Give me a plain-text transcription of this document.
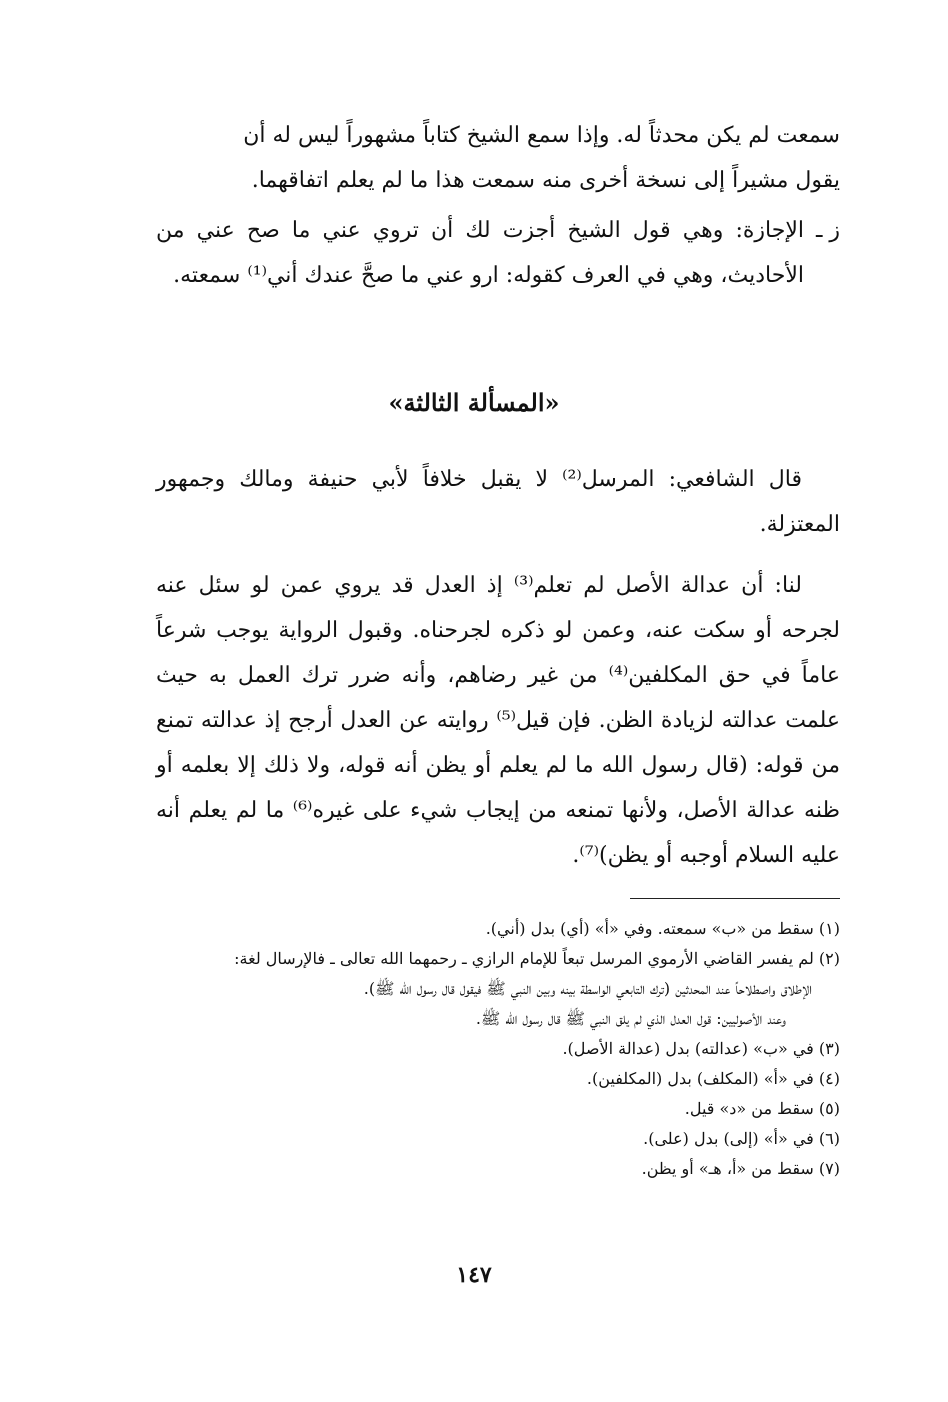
سمعت لم يكن محدثاً له. وإذا سمع الشيخ كتاباً مشهوراً ليس له أن
يقول مشيراً إلى نسخة أخرى منه سمعت هذا ما لم يعلم اتفاقهما.
ز ـ
الإجازة: وهي قول الشيخ أجزت لك أن تروي عني ما صح عني من الأحاديث، وهي في العرف كقوله: ارو عني ما صحَّ عندك أني⁽¹⁾ سمعته.
«المسألة الثالثة»
قال الشافعي: المرسل⁽²⁾ لا يقبل خلافاً لأبي حنيفة ومالك وجمهور المعتزلة.
لنا: أن عدالة الأصل لم تعلم⁽³⁾ إذ العدل قد يروي عمن لو سئل عنه لجرحه أو سكت عنه، وعمن لو ذكره لجرحناه. وقبول الرواية يوجب شرعاً عاماً في حق المكلفين⁽⁴⁾ من غير رضاهم، وأنه ضرر ترك العمل به حيث علمت عدالته لزيادة الظن. فإن قيل⁽⁵⁾ روايته عن العدل أرجح إذ عدالته تمنع من قوله: (قال رسول الله ما لم يعلم أو يظن أنه قوله، ولا ذلك إلا بعلمه أو ظنه عدالة الأصل، ولأنها تمنعه من إيجاب شيء على غيره⁽⁶⁾ ما لم يعلم أنه عليه السلام أوجبه أو يظن)⁽⁷⁾.
(١) سقط من «ب» سمعته. وفي «أ» (أي) بدل (أني).
(٢) لم يفسر القاضي الأرموي المرسل تبعاً للإمام الرازي ـ رحمهما الله تعالى ـ فالإرسال لغة:
الإطلاق واصطلاحاً عند المحدثين (ترك التابعي الواسطة بينه وبين النبي ﷺ فيقول قال رسول الله ﷺ).
وعند الأصوليين: قول العدل الذي لم يلق النبي ﷺ قال رسول الله ﷺ.
(٣) في «ب» (عدالته) بدل (عدالة الأصل).
(٤) في «أ» (المكلف) بدل (المكلفين).
(٥) سقط من «د» قيل.
(٦) في «أ» (إلى) بدل (على).
(٧) سقط من «أ، هـ» أو يظن.
١٤٧
